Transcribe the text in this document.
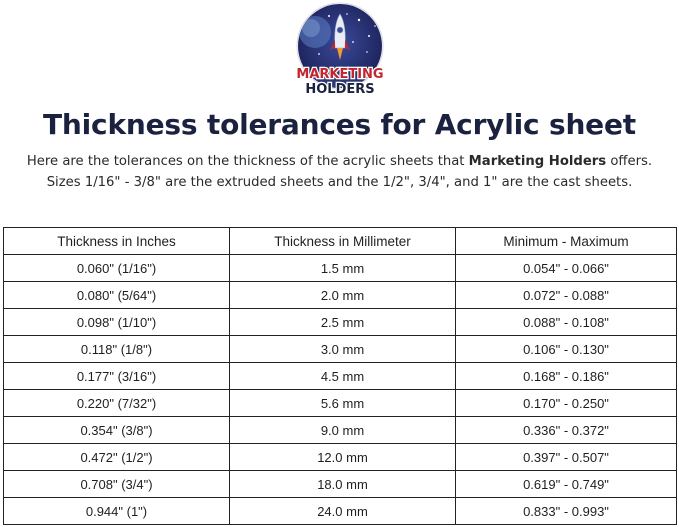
MARKETING
HOLDERS
Thickness tolerances for Acrylic sheet
Here are the tolerances on the thickness of the acrylic sheets that Marketing Holders offers.
Sizes 1/16" - 3/8" are the extruded sheets and the 1/2", 3/4", and 1" are the cast sheets.
Thickness in Inches	Thickness in Millimeter	Minimum - Maximum
0.060" (1/16")	1.5 mm	0.054" - 0.066"
0.080" (5/64")	2.0 mm	0.072" - 0.088"
0.098" (1/10")	2.5 mm	0.088" - 0.108"
0.118" (1/8")	3.0 mm	0.106" - 0.130"
0.177" (3/16")	4.5 mm	0.168" - 0.186"
0.220" (7/32")	5.6 mm	0.170" - 0.250"
0.354" (3/8")	9.0 mm	0.336" - 0.372"
0.472" (1/2")	12.0 mm	0.397" - 0.507"
0.708" (3/4")	18.0 mm	0.619" - 0.749"
0.944" (1")	24.0 mm	0.833" - 0.993"
